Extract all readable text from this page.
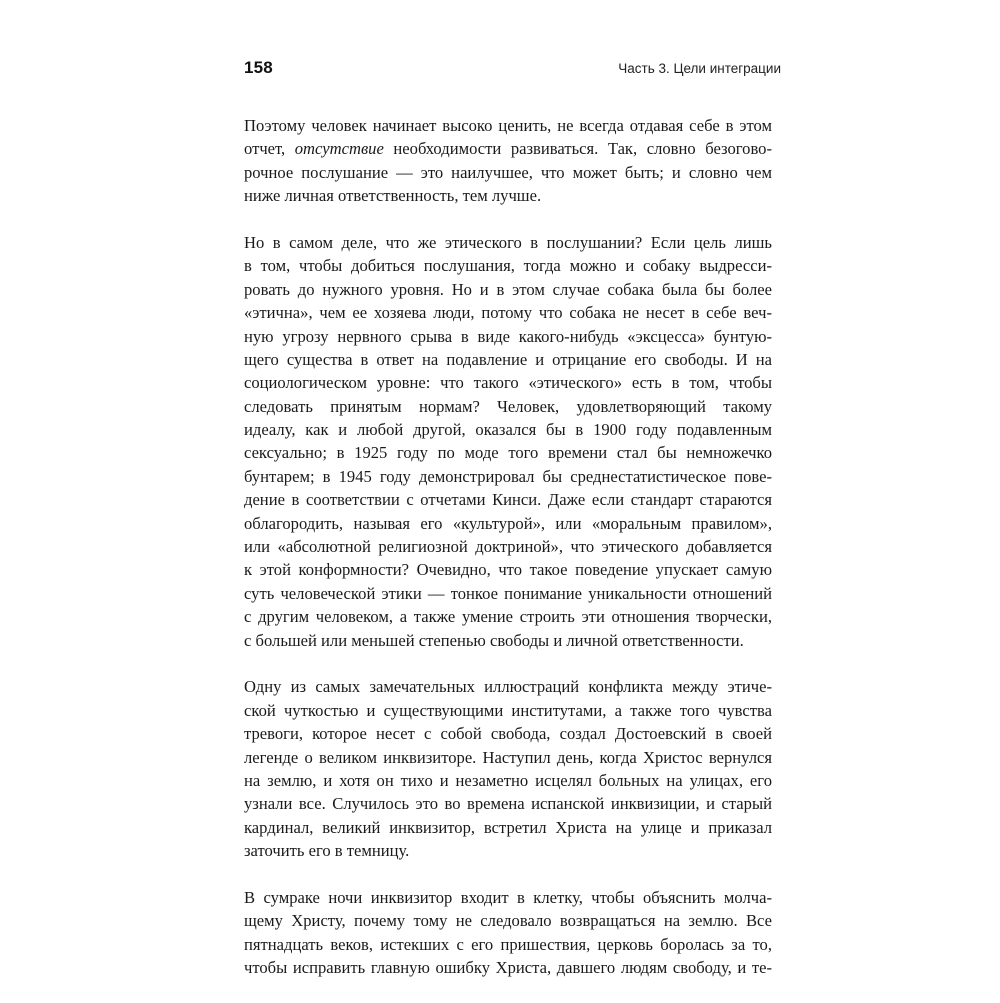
158	Часть 3. Цели интеграции

Поэтому человек начинает высоко ценить, не всегда отдавая себе в этом
отчет, отсутствие необходимости развиваться. Так, словно безогово-
рочное послушание — это наилучшее, что может быть; и словно чем
ниже личная ответственность, тем лучше.

Но в самом деле, что же этического в послушании? Если цель лишь
в том, чтобы добиться послушания, тогда можно и собаку выдресси-
ровать до нужного уровня. Но и в этом случае собака была бы более
«этична», чем ее хозяева люди, потому что собака не несет в себе веч-
ную угрозу нервного срыва в виде какого-нибудь «эксцесса» бунтую-
щего существа в ответ на подавление и отрицание его свободы. И на
социологическом уровне: что такого «этического» есть в том, чтобы
следовать принятым нормам? Человек, удовлетворяющий такому
идеалу, как и любой другой, оказался бы в 1900 году подавленным
сексуально; в 1925 году по моде того времени стал бы немножечко
бунтарем; в 1945 году демонстрировал бы среднестатистическое пове-
дение в соответствии с отчетами Кинси. Даже если стандарт стараются
облагородить, называя его «культурой», или «моральным правилом»,
или «абсолютной религиозной доктриной», что этического добавляется
к этой конформности? Очевидно, что такое поведение упускает самую
суть человеческой этики — тонкое понимание уникальности отношений
с другим человеком, а также умение строить эти отношения творчески,
с большей или меньшей степенью свободы и личной ответственности.

Одну из самых замечательных иллюстраций конфликта между этиче-
ской чуткостью и существующими институтами, а также того чувства
тревоги, которое несет с собой свобода, создал Достоевский в своей
легенде о великом инквизиторе. Наступил день, когда Христос вернулся
на землю, и хотя он тихо и незаметно исцелял больных на улицах, его
узнали все. Случилось это во времена испанской инквизиции, и старый
кардинал, великий инквизитор, встретил Христа на улице и приказал
заточить его в темницу.

В сумраке ночи инквизитор входит в клетку, чтобы объяснить молча-
щему Христу, почему тому не следовало возвращаться на землю. Все
пятнадцать веков, истекших с его пришествия, церковь боролась за то,
чтобы исправить главную ошибку Христа, давшего людям свободу, и те-
